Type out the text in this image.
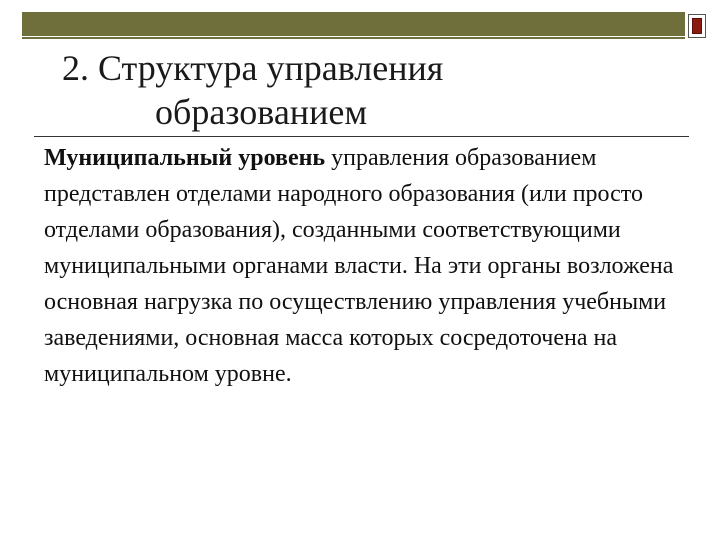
2. Структура управления
образованием

Муниципальный уровень управления образованием представлен отделами народного образования (или просто отделами образования), созданными соответствующими муниципальными органами власти. На эти органы возложена основная нагрузка по осуществлению управления учебными заведениями, основная масса которых сосредоточена на муниципальном уровне.
